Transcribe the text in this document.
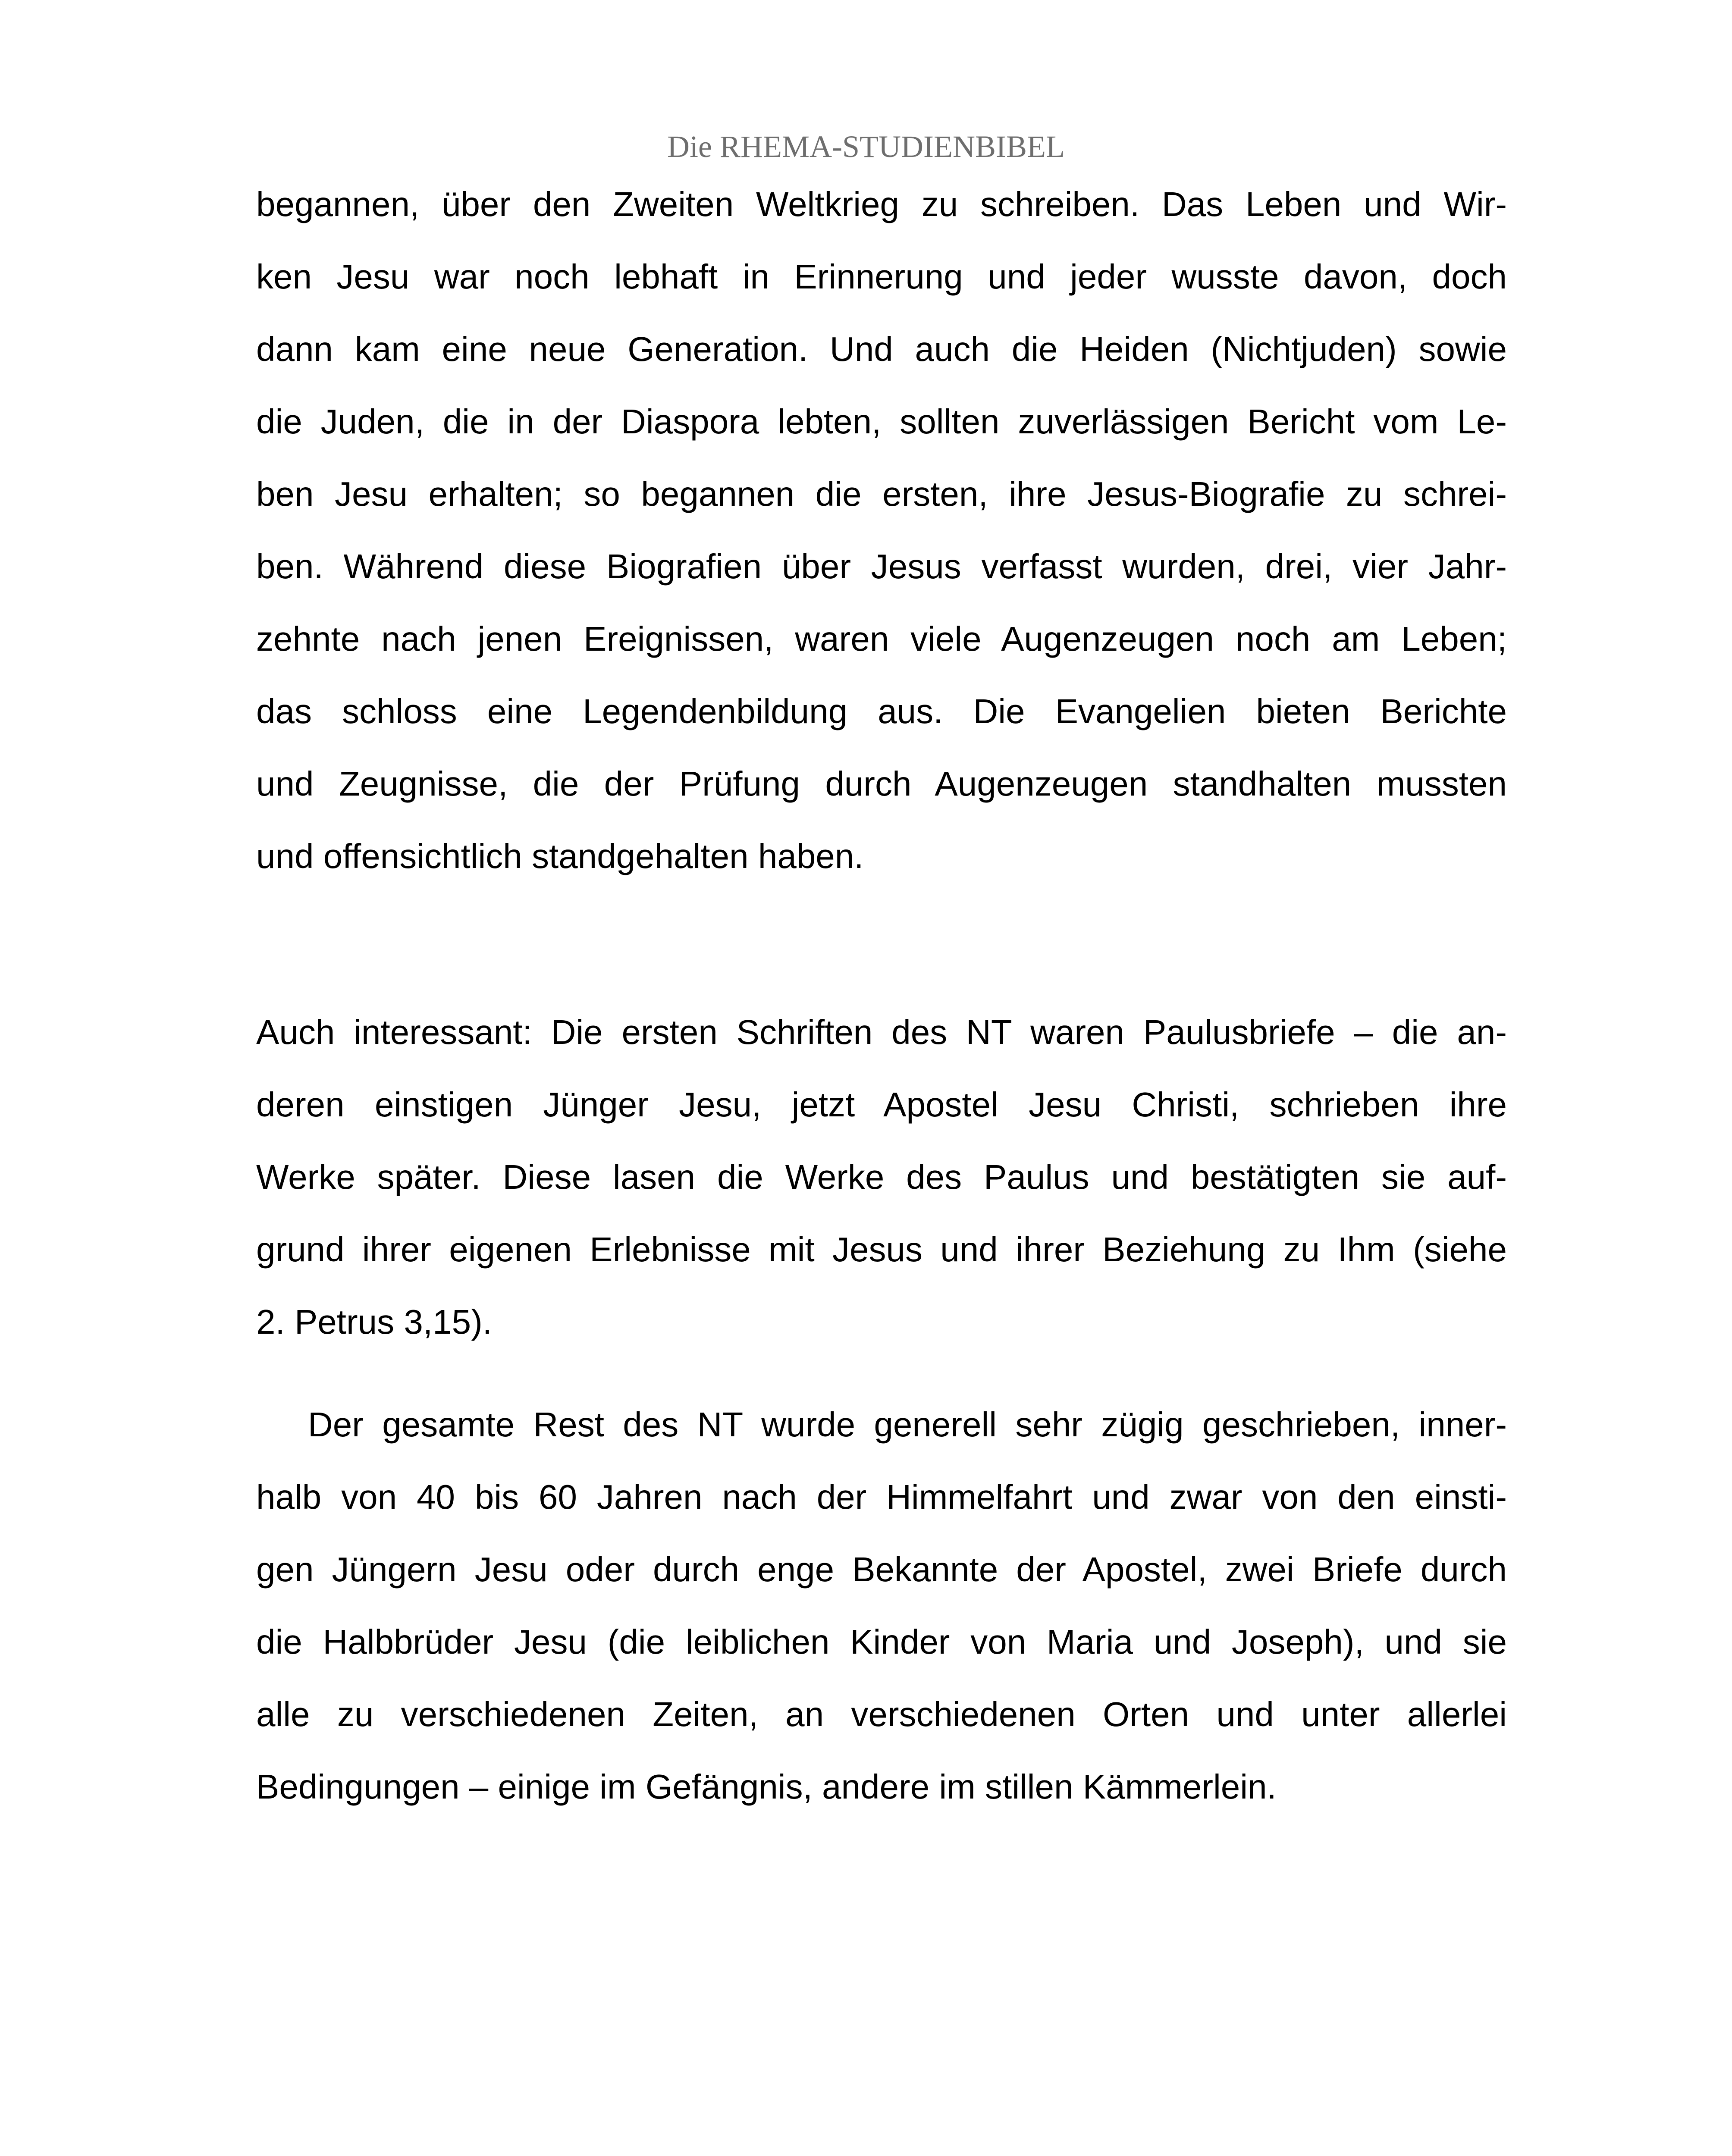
Die RHEMA-STUDIENBIBEL
begannen, über den Zweiten Weltkrieg zu schreiben. Das Leben und Wir-
ken Jesu war noch lebhaft in Erinnerung und jeder wusste davon, doch
dann kam eine neue Generation. Und auch die Heiden (Nichtjuden) sowie
die Juden, die in der Diaspora lebten, sollten zuverlässigen Bericht vom Le-
ben Jesu erhalten; so begannen die ersten, ihre Jesus-Biografie zu schrei-
ben. Während diese Biografien über Jesus verfasst wurden, drei, vier Jahr-
zehnte nach jenen Ereignissen, waren viele Augenzeugen noch am Leben;
das schloss eine Legendenbildung aus. Die Evangelien bieten Berichte
und Zeugnisse, die der Prüfung durch Augenzeugen standhalten mussten
und offensichtlich standgehalten haben.
Auch interessant: Die ersten Schriften des NT waren Paulusbriefe – die an-
deren einstigen Jünger Jesu, jetzt Apostel Jesu Christi, schrieben ihre
Werke später. Diese lasen die Werke des Paulus und bestätigten sie auf-
grund ihrer eigenen Erlebnisse mit Jesus und ihrer Beziehung zu Ihm (siehe
2. Petrus 3,15).
Der gesamte Rest des NT wurde generell sehr zügig geschrieben, inner-
halb von 40 bis 60 Jahren nach der Himmelfahrt und zwar von den einsti-
gen Jüngern Jesu oder durch enge Bekannte der Apostel, zwei Briefe durch
die Halbbrüder Jesu (die leiblichen Kinder von Maria und Joseph), und sie
alle zu verschiedenen Zeiten, an verschiedenen Orten und unter allerlei
Bedingungen – einige im Gefängnis, andere im stillen Kämmerlein.
